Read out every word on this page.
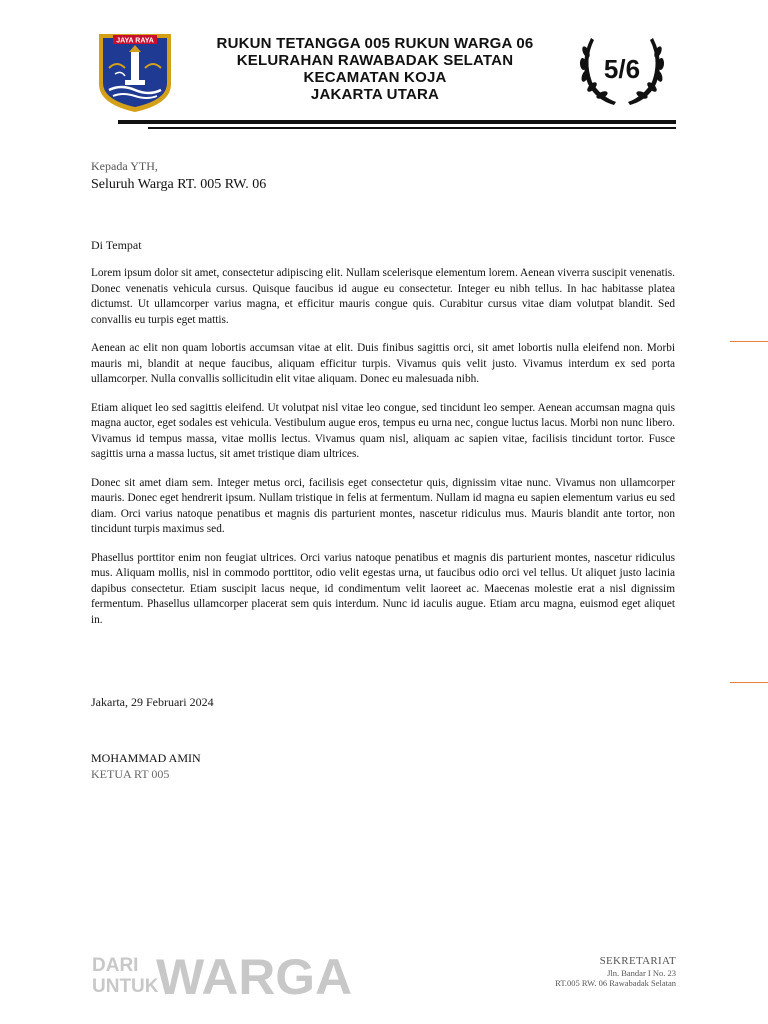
JAYA RAYA	RUKUN TETANGGA 005 RUKUN WARGA 06
KELURAHAN RAWABADAK SELATAN
KECAMATAN KOJA
JAKARTA UTARA
5/6
Kepada YTH,
Seluruh Warga RT. 005 RW. 06
Di Tempat

Lorem ipsum dolor sit amet, consectetur adipiscing elit. Nullam scelerisque elementum lorem. Aenean viverra suscipit venenatis. Donec venenatis vehicula cursus. Quisque faucibus id augue eu consectetur. Integer eu nibh tellus. In hac habitasse platea dictumst. Ut ullamcorper varius magna, et efficitur mauris congue quis. Curabitur cursus vitae diam volutpat blandit. Sed convallis eu turpis eget mattis.

Aenean ac elit non quam lobortis accumsan vitae at elit. Duis finibus sagittis orci, sit amet lobortis nulla eleifend non. Morbi mauris mi, blandit at neque faucibus, aliquam efficitur turpis. Vivamus quis velit justo. Vivamus interdum ex sed porta ullamcorper. Nulla convallis sollicitudin elit vitae aliquam. Donec eu malesuada nibh.

Etiam aliquet leo sed sagittis eleifend. Ut volutpat nisl vitae leo congue, sed tincidunt leo semper. Aenean accumsan magna quis magna auctor, eget sodales est vehicula. Vestibulum augue eros, tempus eu urna nec, congue luctus lacus. Morbi non nunc libero. Vivamus id tempus massa, vitae mollis lectus. Vivamus quam nisl, aliquam ac sapien vitae, facilisis tincidunt tortor. Fusce sagittis urna a massa luctus, sit amet tristique diam ultrices.

Donec sit amet diam sem. Integer metus orci, facilisis eget consectetur quis, dignissim vitae nunc. Vivamus non ullamcorper mauris. Donec eget hendrerit ipsum. Nullam tristique in felis at fermentum. Nullam id magna eu sapien elementum varius eu sed diam. Orci varius natoque penatibus et magnis dis parturient montes, nascetur ridiculus mus. Mauris blandit ante tortor, non tincidunt turpis maximus sed.

Phasellus porttitor enim non feugiat ultrices. Orci varius natoque penatibus et magnis dis parturient montes, nascetur ridiculus mus. Aliquam mollis, nisl in commodo porttitor, odio velit egestas urna, ut faucibus odio orci vel tellus. Ut aliquet justo lacinia dapibus consectetur. Etiam suscipit lacus neque, id condimentum velit laoreet ac. Maecenas molestie erat a nisl dignissim fermentum. Phasellus ullamcorper placerat sem quis interdum. Nunc id iaculis augue. Etiam arcu magna, euismod eget aliquet in.

Jakarta, 29 Februari 2024
MOHAMMAD AMIN
KETUA RT 005
DARI
UNTUK
WARGA	SEKRETARIAT
Jln. Bandar I No. 23
RT.005 RW. 06 Rawabadak Selatan
